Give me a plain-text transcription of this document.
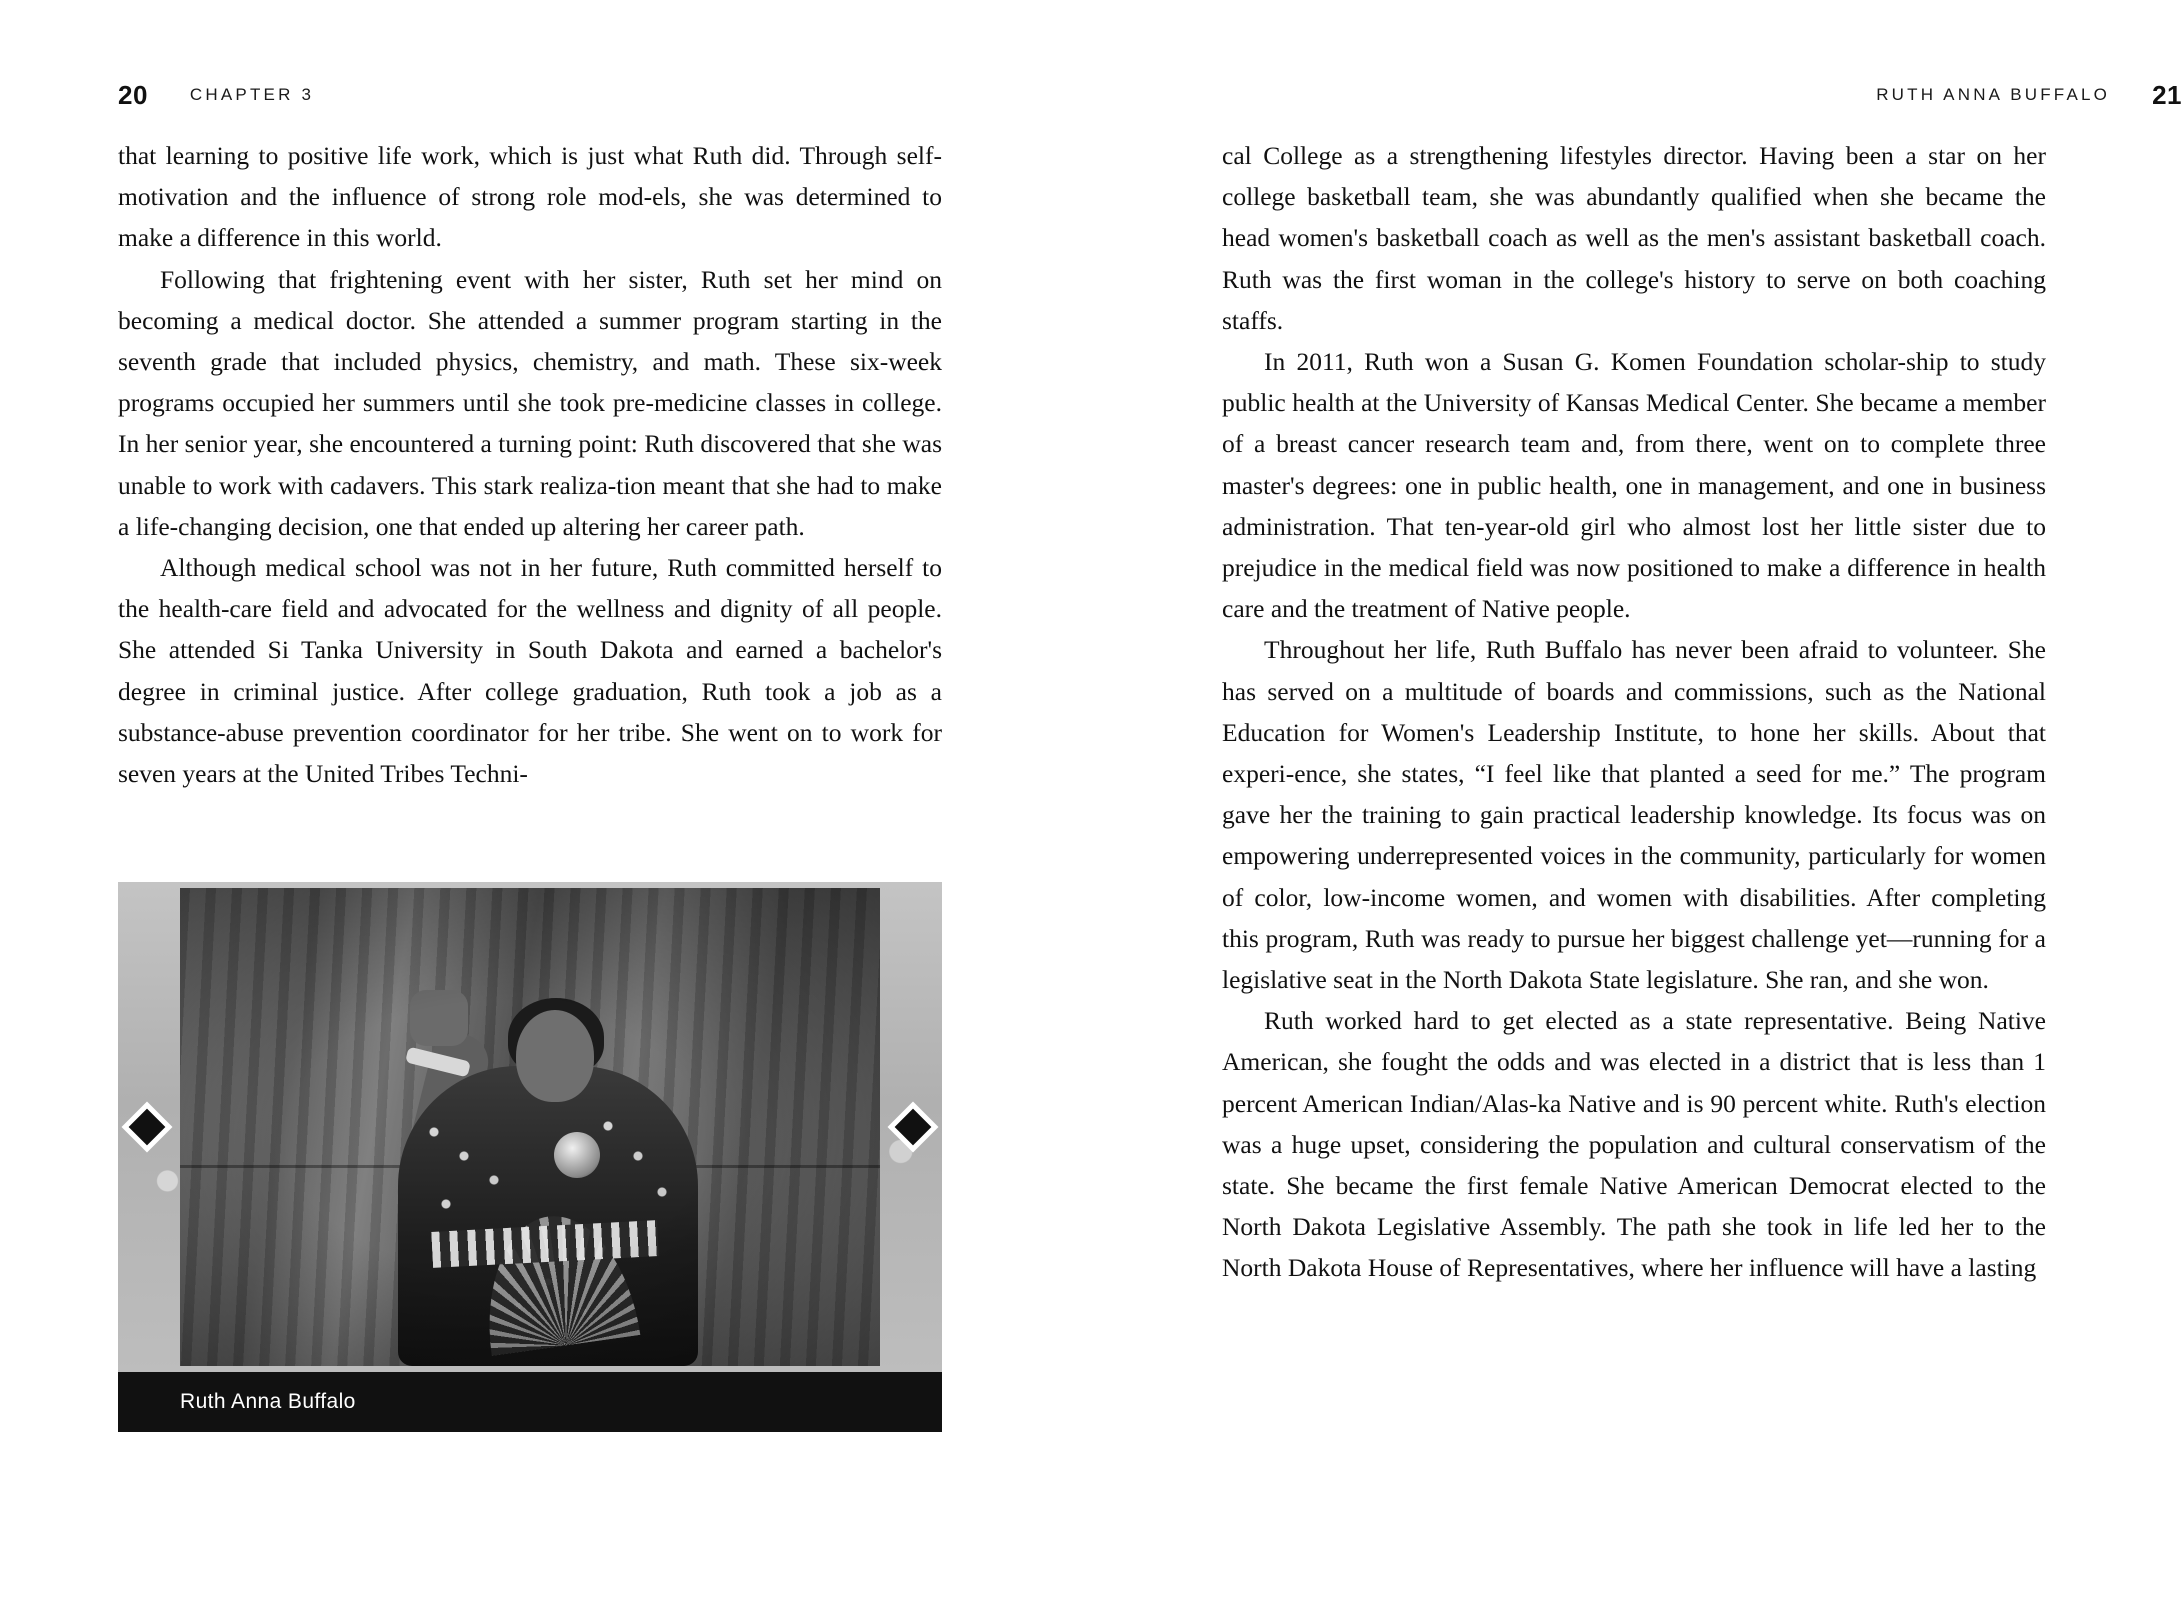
20 CHAPTER 3

that learning to positive life work, which is just what Ruth did. Through self-motivation and the influence of strong role mod-els, she was determined to make a difference in this world.

Following that frightening event with her sister, Ruth set her mind on becoming a medical doctor. She attended a summer program starting in the seventh grade that included physics, chemistry, and math. These six-week programs occupied her summers until she took pre-medicine classes in college. In her senior year, she encountered a turning point: Ruth discovered that she was unable to work with cadavers. This stark realiza-tion meant that she had to make a life-changing decision, one that ended up altering her career path.

Although medical school was not in her future, Ruth committed herself to the health-care field and advocated for the wellness and dignity of all people. She attended Si Tanka University in South Dakota and earned a bachelor's degree in criminal justice. After college graduation, Ruth took a job as a substance-abuse prevention coordinator for her tribe. She went on to work for seven years at the United Tribes Techni-

Ruth Anna Buffalo
RUTH ANNA BUFFALO 21

cal College as a strengthening lifestyles director. Having been a star on her college basketball team, she was abundantly qualified when she became the head women's basketball coach as well as the men's assistant basketball coach. Ruth was the first woman in the college's history to serve on both coaching staffs.

In 2011, Ruth won a Susan G. Komen Foundation scholar-ship to study public health at the University of Kansas Medical Center. She became a member of a breast cancer research team and, from there, went on to complete three master's degrees: one in public health, one in management, and one in business administration. That ten-year-old girl who almost lost her little sister due to prejudice in the medical field was now positioned to make a difference in health care and the treatment of Native people.

Throughout her life, Ruth Buffalo has never been afraid to volunteer. She has served on a multitude of boards and commissions, such as the National Education for Women's Leadership Institute, to hone her skills. About that experi-ence, she states, “I feel like that planted a seed for me.” The program gave her the training to gain practical leadership knowledge. Its focus was on empowering underrepresented voices in the community, particularly for women of color, low-income women, and women with disabilities. After completing this program, Ruth was ready to pursue her biggest challenge yet—running for a legislative seat in the North Dakota State legislature. She ran, and she won.

Ruth worked hard to get elected as a state representative. Being Native American, she fought the odds and was elected in a district that is less than 1 percent American Indian/Alas-ka Native and is 90 percent white. Ruth's election was a huge upset, considering the population and cultural conservatism of the state. She became the first female Native American Democrat elected to the North Dakota Legislative Assembly. The path she took in life led her to the North Dakota House of Representatives, where her influence will have a lasting
